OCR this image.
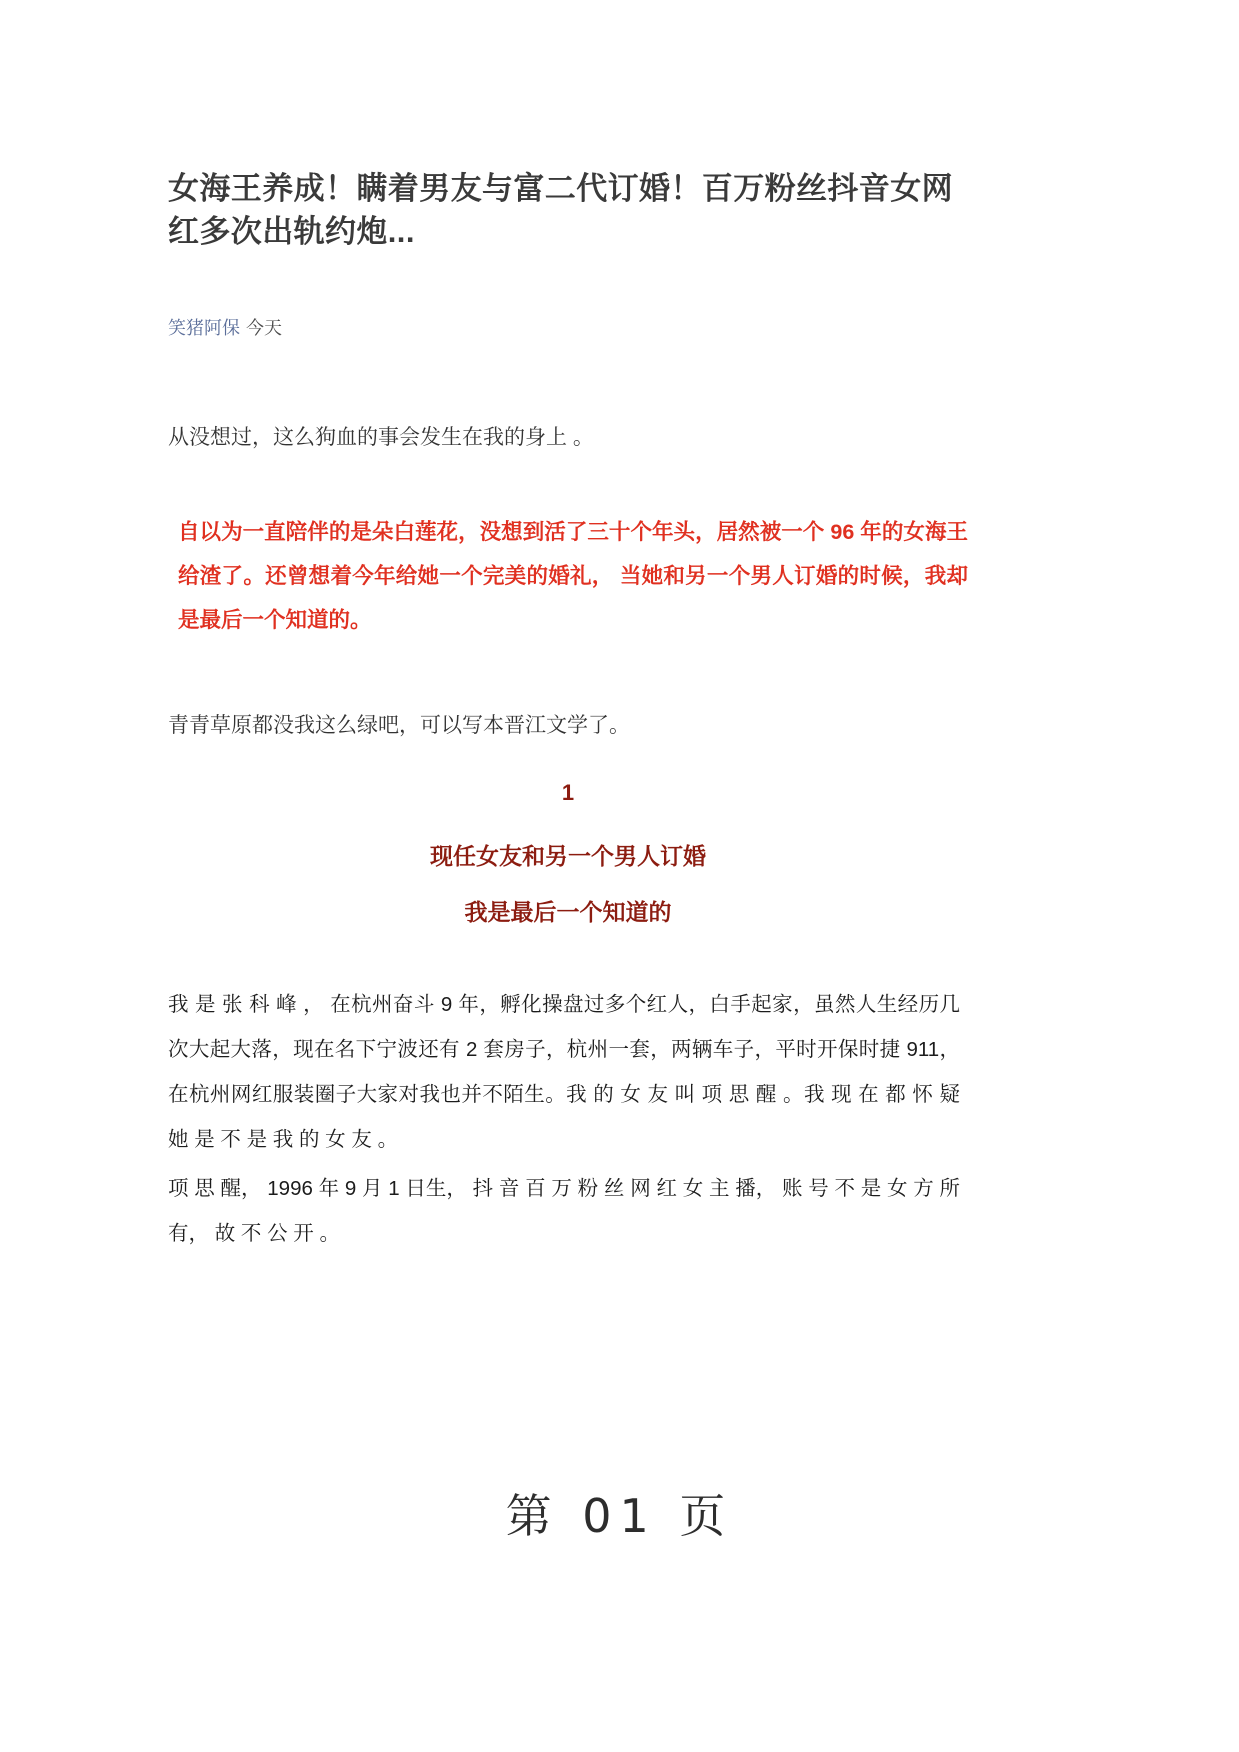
女海王养成！瞒着男友与富二代订婚！百万粉丝抖音女网红多次出轨约炮...
笑猪阿保 今天

从没想过，这么狗血的事会发生在我的身上 。

自以为一直陪伴的是朵白莲花，没想到活了三十个年头，居然被一个 96 年的女海王给渣了。还曾想着今年给她一个完美的婚礼， 当她和另一个男人订婚的时候，我却是最后一个知道的。

青青草原都没我这么绿吧，可以写本晋江文学了。

1
现任女友和另一个男人订婚
我是最后一个知道的

我 是 张 科 峰 ， 在杭州奋斗 9 年，孵化操盘过多个红人，白手起家，虽然人生经历几次大起大落，现在名下宁波还有 2 套房子，杭州一套，两辆车子，平时开保时捷 911，在杭州网红服装圈子大家对我也并不陌生。我 的 女 友 叫 项 思 醒 。我 现 在 都 怀 疑 她 是 不 是 我 的 女 友 。

项 思 醒， 1996 年 9 月 1 日生， 抖 音 百 万 粉 丝 网 红 女 主 播， 账 号 不 是 女 方 所 有， 故 不 公 开 。

第 01 页
